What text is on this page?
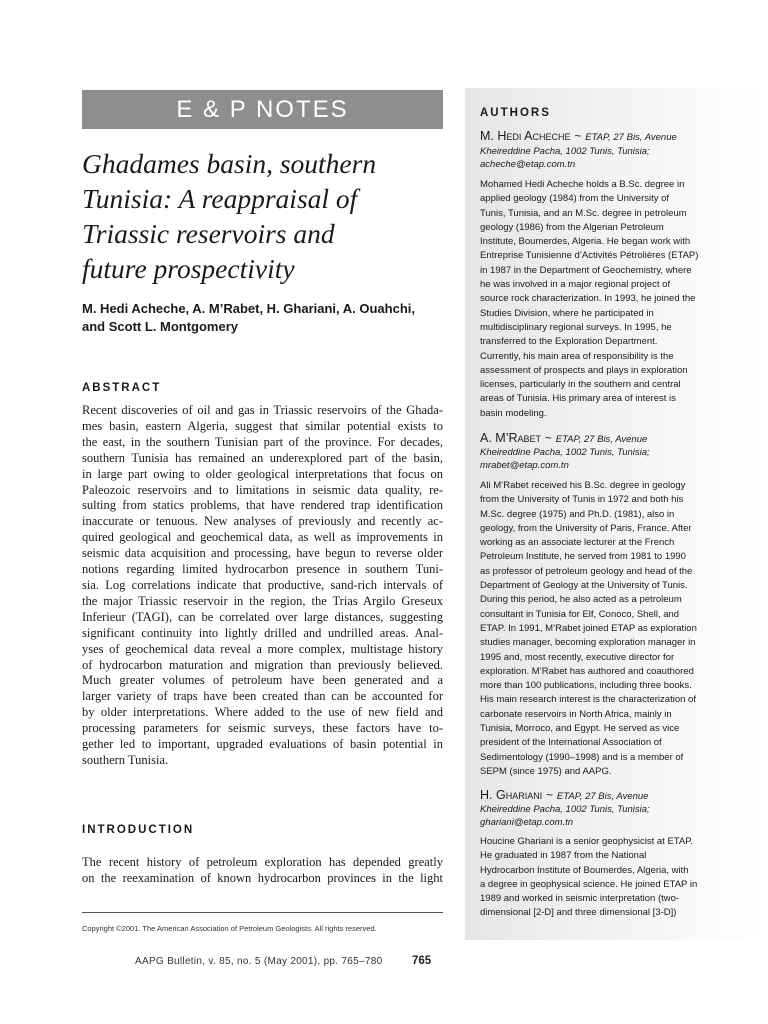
E & P NOTES
Ghadames basin, southern
Tunisia: A reappraisal of
Triassic reservoirs and
future prospectivity
M. Hedi Acheche, A. M’Rabet, H. Ghariani, A. Ouahchi,
and Scott L. Montgomery
ABSTRACT
Recent discoveries of oil and gas in Triassic reservoirs of the Ghada-
mes basin, eastern Algeria, suggest that similar potential exists to
the east, in the southern Tunisian part of the province. For decades,
southern Tunisia has remained an underexplored part of the basin,
in large part owing to older geological interpretations that focus on
Paleozoic reservoirs and to limitations in seismic data quality, re-
sulting from statics problems, that have rendered trap identification
inaccurate or tenuous. New analyses of previously and recently ac-
quired geological and geochemical data, as well as improvements in
seismic data acquisition and processing, have begun to reverse older
notions regarding limited hydrocarbon presence in southern Tuni-
sia. Log correlations indicate that productive, sand-rich intervals of
the major Triassic reservoir in the region, the Trias Argilo Greseux
Inferieur (TAGI), can be correlated over large distances, suggesting
significant continuity into lightly drilled and undrilled areas. Anal-
yses of geochemical data reveal a more complex, multistage history
of hydrocarbon maturation and migration than previously believed.
Much greater volumes of petroleum have been generated and a
larger variety of traps have been created than can be accounted for
by older interpretations. Where added to the use of new field and
processing parameters for seismic surveys, these factors have to-
gether led to important, upgraded evaluations of basin potential in
southern Tunisia.
INTRODUCTION
The recent history of petroleum exploration has depended greatly
on the reexamination of known hydrocarbon provinces in the light
Copyright ©2001. The American Association of Petroleum Geologists. All rights reserved.
AAPG Bulletin, v. 85, no. 5 (May 2001), pp. 765–780	765
AUTHORS
M. Hedi Acheche ~ ETAP, 27 Bis, Avenue
Kheireddine Pacha, 1002 Tunis, Tunisia;
acheche@etap.com.tn
Mohamed Hedi Acheche holds a B.Sc. degree in
applied geology (1984) from the University of
Tunis, Tunisia, and an M.Sc. degree in petroleum
geology (1986) from the Algerian Petroleum
Institute, Boumerdes, Algeria. He began work with
Entreprise Tunisienne d’Activités Pétrolières (ETAP)
in 1987 in the Department of Geochemistry, where
he was involved in a major regional project of
source rock characterization. In 1993, he joined the
Studies Division, where he participated in
multidisciplinary regional surveys. In 1995, he
transferred to the Exploration Department.
Currently, his main area of responsibility is the
assessment of prospects and plays in exploration
licenses, particularly in the southern and central
areas of Tunisia. His primary area of interest is
basin modeling.
A. M’Rabet ~ ETAP, 27 Bis, Avenue
Kheireddine Pacha, 1002 Tunis, Tunisia;
mrabet@etap.com.tn
Ali M’Rabet received his B.Sc. degree in geology
from the University of Tunis in 1972 and both his
M.Sc. degree (1975) and Ph.D. (1981), also in
geology, from the University of Paris, France. After
working as an associate lecturer at the French
Petroleum Institute, he served from 1981 to 1990
as professor of petroleum geology and head of the
Department of Geology at the University of Tunis.
During this period, he also acted as a petroleum
consultant in Tunisia for Elf, Conoco, Shell, and
ETAP. In 1991, M’Rabet joined ETAP as exploration
studies manager, becoming exploration manager in
1995 and, most recently, executive director for
exploration. M’Rabet has authored and coauthored
more than 100 publications, including three books.
His main research interest is the characterization of
carbonate reservoirs in North Africa, mainly in
Tunisia, Morroco, and Egypt. He served as vice
president of the International Association of
Sedimentology (1990–1998) and is a member of
SEPM (since 1975) and AAPG.
H. Ghariani ~ ETAP, 27 Bis, Avenue
Kheireddine Pacha, 1002 Tunis, Tunisia;
ghariani@etap.com.tn
Houcine Ghariani is a senior geophysicist at ETAP.
He graduated in 1987 from the National
Hydrocarbon Institute of Boumerdes, Algeria, with
a degree in geophysical science. He joined ETAP in
1989 and worked in seismic interpretation (two-
dimensional [2-D] and three dimensional [3-D])
